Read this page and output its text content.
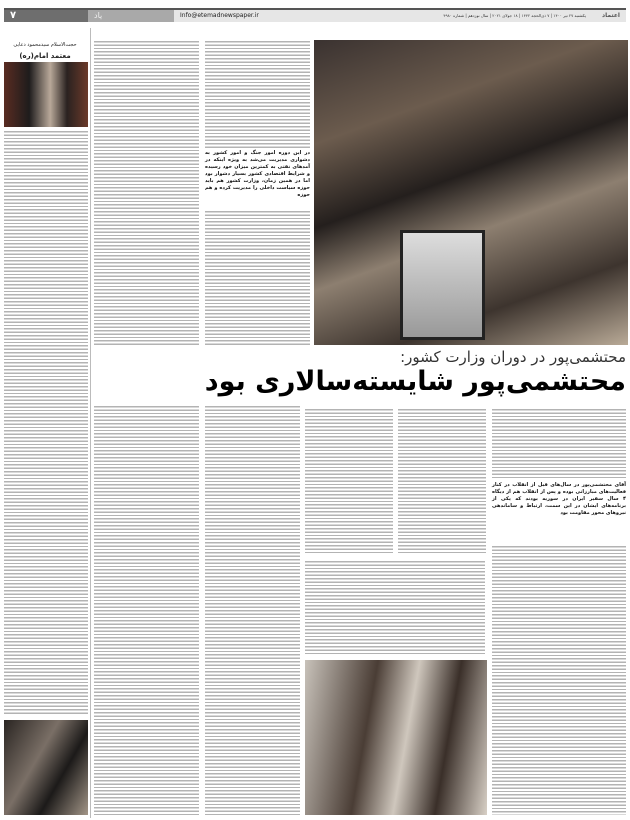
۷	یاد	Info@etemadnewspaper.ir	یکشنبه ۲۷ تیر ۱۴۰۰ | ۷ ذی‌الحجه ۱۴۴۲ | ۱۸ جولای ۲۰۲۱ | سال نوزدهم | شماره ۴۹۸۰	اعتماد
حجت‌الاسلام سیدمحمود دعایی
معتمد امام(ره)
در این دوره امور جنگ و امور کشور به دشواری مدیریت می‌شد به ویژه اینکه در آمدهای نفتی به کمترین میزان خود رسیده و شرایط اقتصادی کشور بسیار دشوار بود اما در همین زمان، وزارت کشور هم باید حوزه سیاست داخلی را مدیریت کرده و هم حوزه
محتشمی‌پور در دوران وزارت کشور:
محتشمی‌پور شایسته‌سالاری بود
آقای محتشمی‌پور در سال‌های قبل از انقلاب در کنار فعالیت‌های مبارزاتی بوده و پس از انقلاب هم از دیگاه ۴ سال سفیر ایران در سوریه بودند که یکی از برنامه‌های ایشان در این سمت، ارتباط و ساماندهی نیروهای محور مقاومت بود
